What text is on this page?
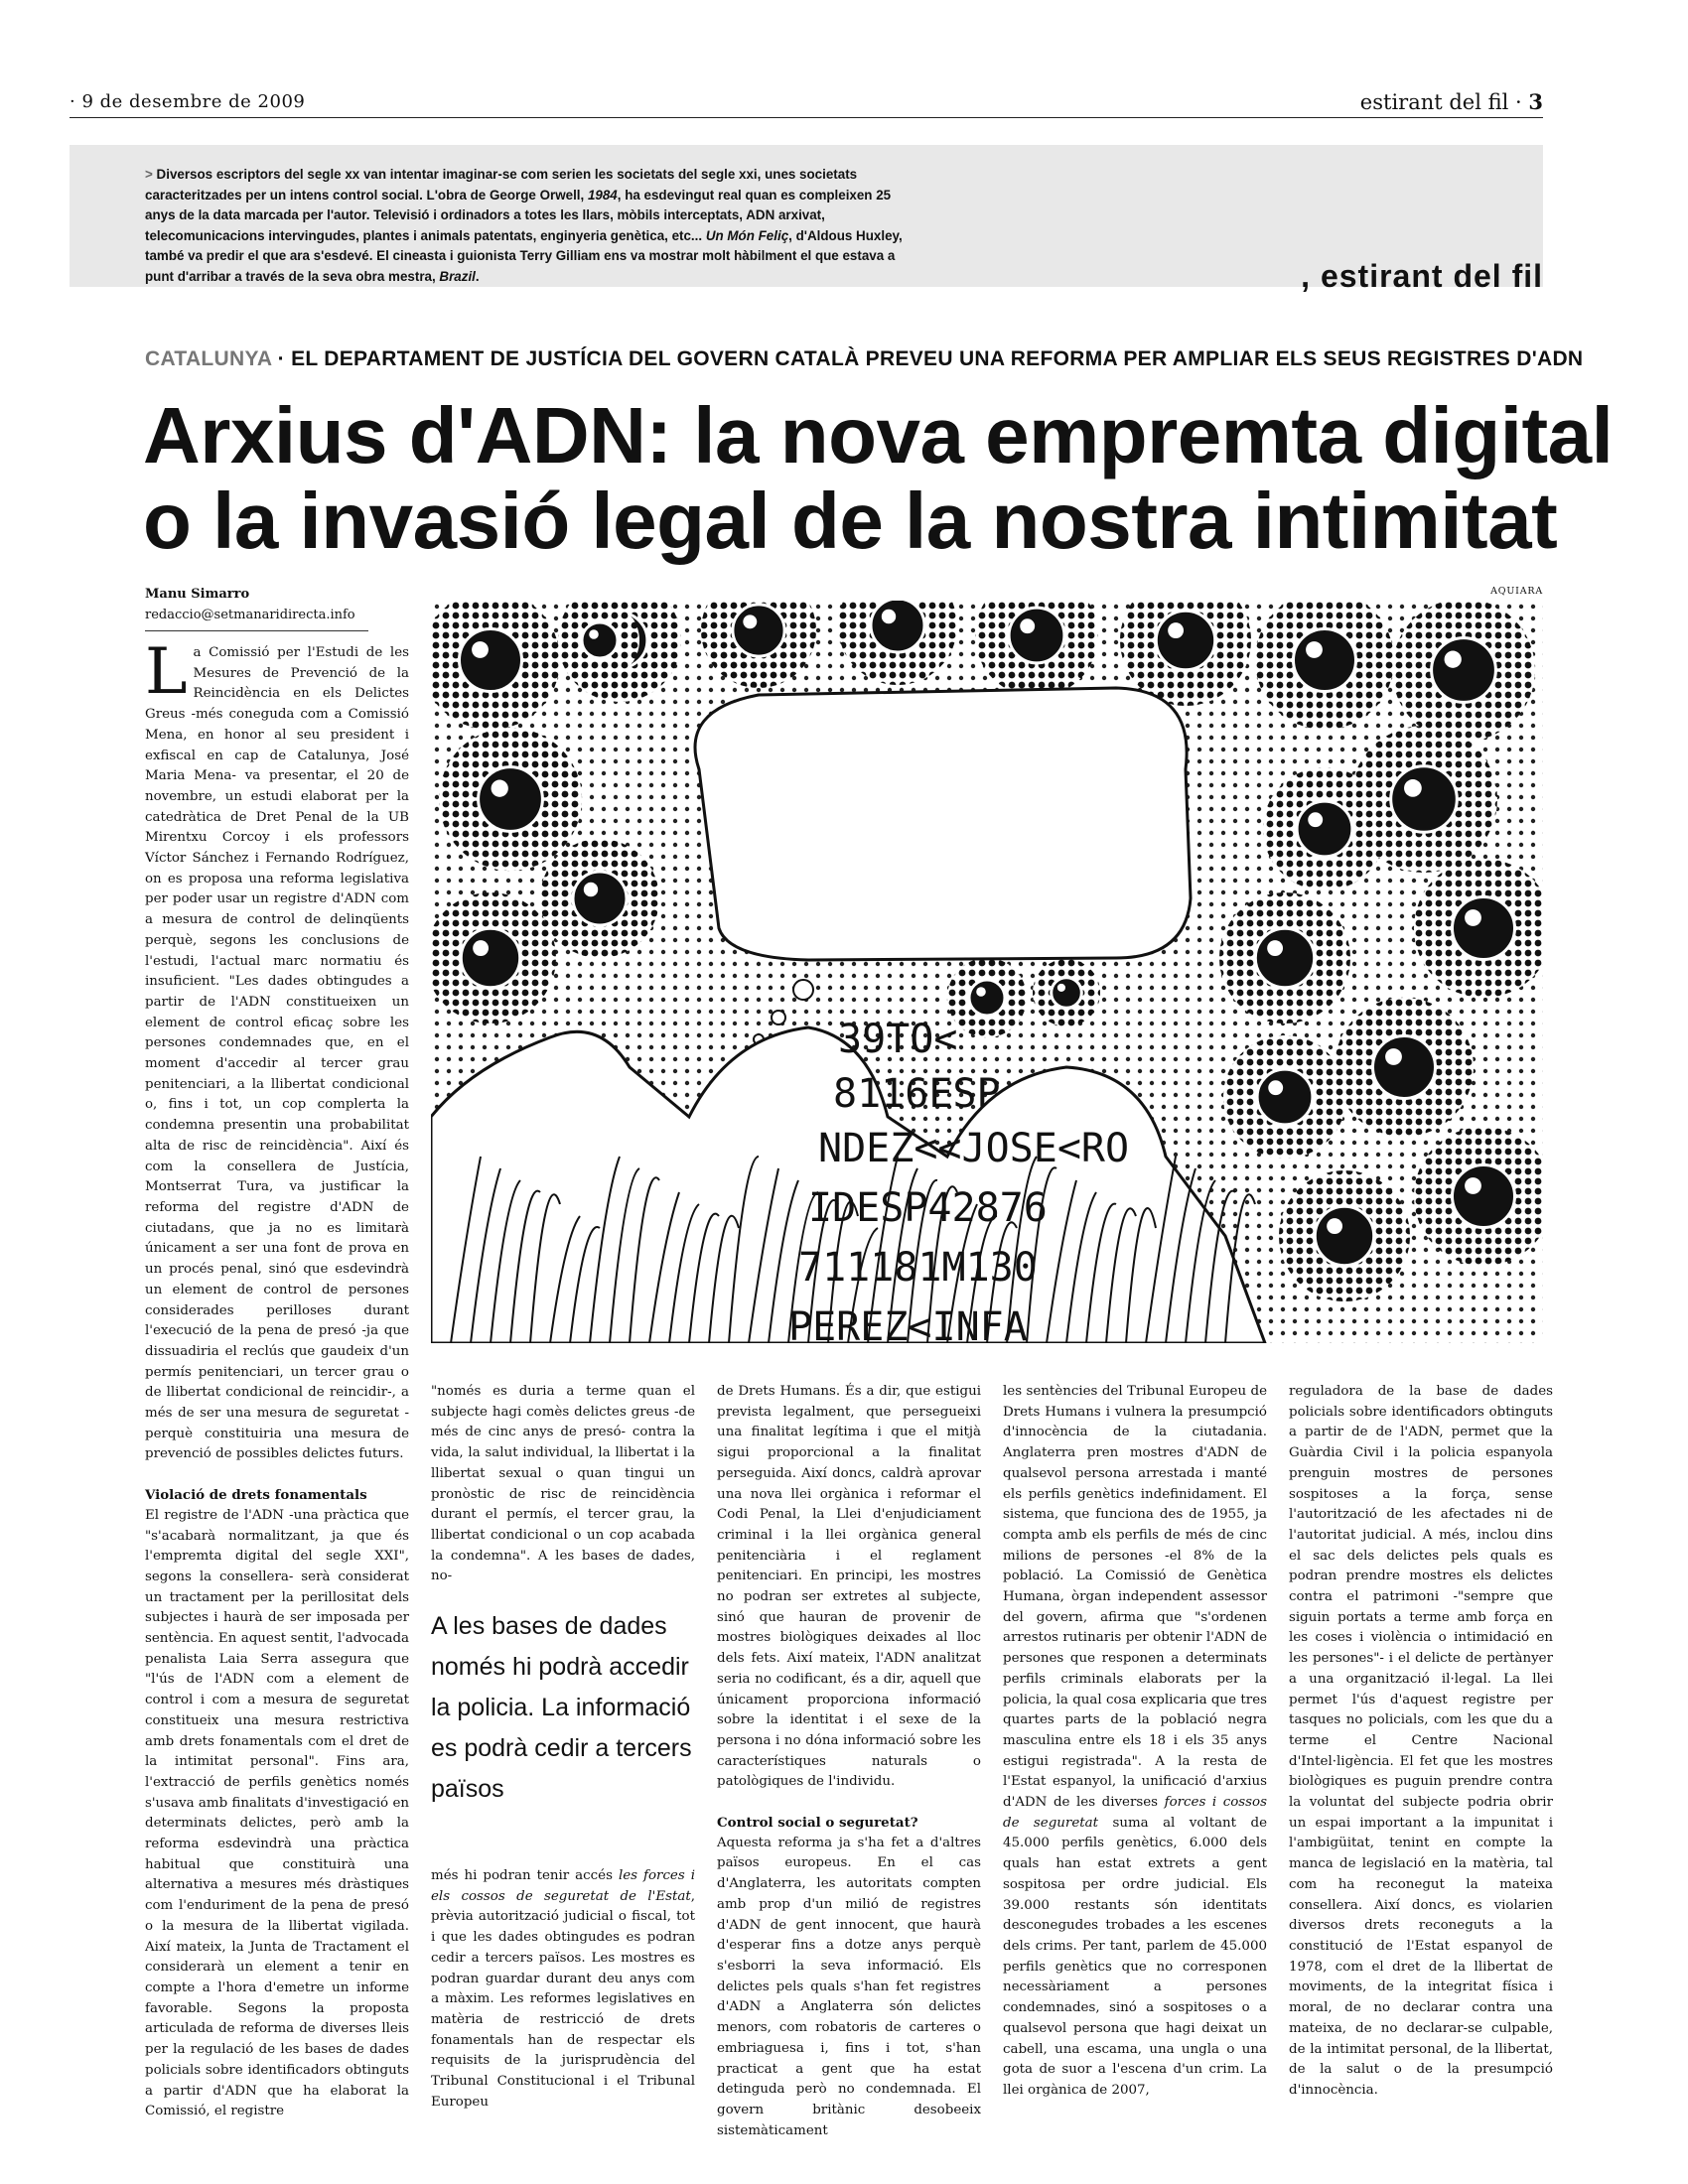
· 9 de desembre de 2009	estirant del fil · 3
> Diversos escriptors del segle xx van intentar imaginar-se com serien les societats del segle xxi, unes societats caracteritzades per un intens control social. L'obra de George Orwell, 1984, ha esdevingut real quan es compleixen 25 anys de la data marcada per l'autor. Televisió i ordinadors a totes les llars, mòbils interceptats, ADN arxivat, telecomunicacions intervingudes, plantes i animals patentats, enginyeria genètica, etc... Un Món Feliç, d'Aldous Huxley, també va predir el que ara s'esdevé. El cineasta i guionista Terry Gilliam ens va mostrar molt hàbilment el que estava a punt d'arribar a través de la seva obra mestra, Brazil.	, estirant del fil
CATALUNYA · EL DEPARTAMENT DE JUSTÍCIA DEL GOVERN CATALÀ PREVEU UNA REFORMA PER AMPLIAR ELS SEUS REGISTRES D'ADN
Arxius d'ADN: la nova empremta digital
o la invasió legal de la nostra intimitat
Manu Simarro
redaccio@setmanaridirecta.info
AQUIARA
39TO<
8116ESP
NDEZ<<JOSE<RO
IDESP42876
711181M130
PEREZ<INFA

La Comissió per l'Estudi de les Mesures de Prevenció de la Reincidència en els Delictes Greus -més coneguda com a Comissió Mena, en honor al seu president i exfiscal en cap de Catalunya, José Maria Mena- va presentar, el 20 de novembre, un estudi elaborat per la catedràtica de Dret Penal de la UB Mirentxu Corcoy i els professors Víctor Sánchez i Fernando Rodríguez, on es proposa una reforma legislativa per poder usar un registre d'ADN com a mesura de control de delinqüents perquè, segons les conclusions de l'estudi, l'actual marc normatiu és insuficient. "Les dades obtingudes a partir de l'ADN constitueixen un element de control eficaç sobre les persones condemnades que, en el moment d'accedir al tercer grau penitenciari, a la llibertat condicional o, fins i tot, un cop complerta la condemna presentin una probabilitat alta de risc de reincidència". Així és com la consellera de Justícia, Montserrat Tura, va justificar la reforma del registre d'ADN de ciutadans, que ja no es limitarà únicament a ser una font de prova en un procés penal, sinó que esdevindrà un element de control de persones considerades perilloses durant l'execució de la pena de presó -ja que dissuadiria el reclús que gaudeix d'un permís penitenciari, un tercer grau o de llibertat condicional de reincidir-, a més de ser una mesura de seguretat -perquè constituiria una mesura de prevenció de possibles delictes futurs.

Violació de drets fonamentals

El registre de l'ADN -una pràctica que "s'acabarà normalitzant, ja que és l'empremta digital del segle XXI", segons la consellera- serà considerat un tractament per la perillositat dels subjectes i haurà de ser imposada per sentència. En aquest sentit, l'advocada penalista Laia Serra assegura que "l'ús de l'ADN com a element de control i com a mesura de seguretat constitueix una mesura restrictiva amb drets fonamentals com el dret de la intimitat personal". Fins ara, l'extracció de perfils genètics només s'usava amb finalitats d'investigació en determinats delictes, però amb la reforma esdevindrà una pràctica habitual que constituirà una alternativa a mesures més dràstiques com l'enduriment de la pena de presó o la mesura de la llibertat vigilada. Així mateix, la Junta de Tractament el considerarà un element a tenir en compte a l'hora d'emetre un informe favorable. Segons la proposta articulada de reforma de diverses lleis per la regulació de les bases de dades policials sobre identificadors obtinguts a partir d'ADN que ha elaborat la Comissió, el registre

"només es duria a terme quan el subjecte hagi comès delictes greus -de més de cinc anys de presó- contra la vida, la salut individual, la llibertat i la llibertat sexual o quan tingui un pronòstic de risc de reincidència durant el permís, el tercer grau, la llibertat condicional o un cop acabada la condemna". A les bases de dades, no-

A les bases de dades només hi podrà accedir la policia. La informació es podrà cedir a tercers països
més hi podran tenir accés les forces i els cossos de seguretat de l'Estat, prèvia autorització judicial o fiscal, tot i que les dades obtingudes es podran cedir a tercers països. Les mostres es podran guardar durant deu anys com a màxim. Les reformes legislatives en matèria de restricció de drets fonamentals han de respectar els requisits de la jurisprudència del Tribunal Constitucional i el Tribunal Europeu

de Drets Humans. És a dir, que estigui prevista legalment, que persegueixi una finalitat legítima i que el mitjà sigui proporcional a la finalitat perseguida. Així doncs, caldrà aprovar una nova llei orgànica i reformar el Codi Penal, la Llei d'enjudiciament criminal i la llei orgànica general penitenciària i el reglament penitenciari. En principi, les mostres no podran ser extretes al subjecte, sinó que hauran de provenir de mostres biològiques deixades al lloc dels fets. Així mateix, l'ADN analitzat seria no codificant, és a dir, aquell que únicament proporciona informació sobre la identitat i el sexe de la persona i no dóna informació sobre les característiques naturals o patològiques de l'individu.

Control social o seguretat?

Aquesta reforma ja s'ha fet a d'altres països europeus. En el cas d'Anglaterra, les autoritats compten amb prop d'un milió de registres d'ADN de gent innocent, que haurà d'esperar fins a dotze anys perquè s'esborri la seva informació. Els delictes pels quals s'han fet registres d'ADN a Anglaterra són delictes menors, com robatoris de carteres o embriaguesa i, fins i tot, s'han practicat a gent que ha estat detinguda però no condemnada. El govern britànic desobeeix sistemàticament

les sentències del Tribunal Europeu de Drets Humans i vulnera la presumpció d'innocència de la ciutadania. Anglaterra pren mostres d'ADN de qualsevol persona arrestada i manté els perfils genètics indefinidament. El sistema, que funciona des de 1955, ja compta amb els perfils de més de cinc milions de persones -el 8% de la població. La Comissió de Genètica Humana, òrgan independent assessor del govern, afirma que "s'ordenen arrestos rutinaris per obtenir l'ADN de persones que responen a determinats perfils criminals elaborats per la policia, la qual cosa explicaria que tres quartes parts de la població negra masculina entre els 18 i els 35 anys estigui registrada". A la resta de l'Estat espanyol, la unificació d'arxius d'ADN de les diverses forces i cossos de seguretat suma al voltant de 45.000 perfils genètics, 6.000 dels quals han estat extrets a gent sospitosa per ordre judicial. Els 39.000 restants són identitats desconegudes trobades a les escenes dels crims. Per tant, parlem de 45.000 perfils genètics que no corresponen necessàriament a persones condemnades, sinó a sospitoses o a qualsevol persona que hagi deixat un cabell, una escama, una ungla o una gota de suor a l'escena d'un crim. La llei orgànica de 2007,

reguladora de la base de dades policials sobre identificadors obtinguts a partir de de l'ADN, permet que la Guàrdia Civil i la policia espanyola prenguin mostres de persones sospitoses a la força, sense l'autorització de les afectades ni de l'autoritat judicial. A més, inclou dins el sac dels delictes pels quals es podran prendre mostres els delictes contra el patrimoni -"sempre que siguin portats a terme amb força en les coses i violència o intimidació en les persones"- i el delicte de pertànyer a una organització il·legal. La llei permet l'ús d'aquest registre per tasques no policials, com les que du a terme el Centre Nacional d'Intel·ligència. El fet que les mostres biològiques es puguin prendre contra la voluntat del subjecte podria obrir un espai important a la impunitat i l'ambigüitat, tenint en compte la manca de legislació en la matèria, tal com ha reconegut la mateixa consellera. Així doncs, es violarien diversos drets reconeguts a la constitució de l'Estat espanyol de 1978, com el dret de la llibertat de moviments, de la integritat física i moral, de no declarar contra una mateixa, de no declarar-se culpable, de la intimitat personal, de la llibertat, de la salut o de la presumpció d'innocència.
